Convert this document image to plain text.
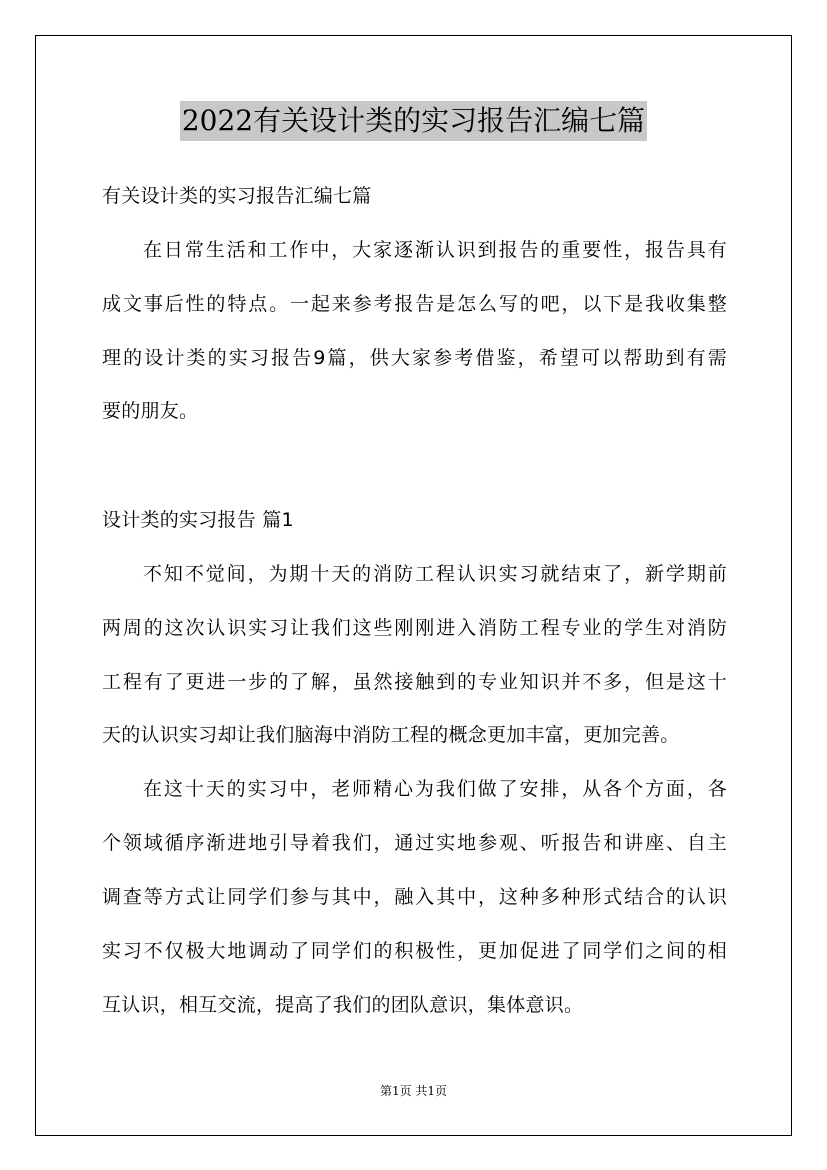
2022有关设计类的实习报告汇编七篇

有关设计类的实习报告汇编七篇

在日常生活和工作中，大家逐渐认识到报告的重要性，报告具有

成文事后性的特点。一起来参考报告是怎么写的吧，以下是我收集整

理的设计类的实习报告9篇，供大家参考借鉴，希望可以帮助到有需

要的朋友。

设计类的实习报告 篇1

不知不觉间，为期十天的消防工程认识实习就结束了，新学期前

两周的这次认识实习让我们这些刚刚进入消防工程专业的学生对消防

工程有了更进一步的了解，虽然接触到的专业知识并不多，但是这十

天的认识实习却让我们脑海中消防工程的概念更加丰富，更加完善。

在这十天的实习中，老师精心为我们做了安排，从各个方面，各

个领域循序渐进地引导着我们，通过实地参观、听报告和讲座、自主

调查等方式让同学们参与其中，融入其中，这种多种形式结合的认识

实习不仅极大地调动了同学们的积极性，更加促进了同学们之间的相

互认识，相互交流，提高了我们的团队意识，集体意识。

第1页 共1页
